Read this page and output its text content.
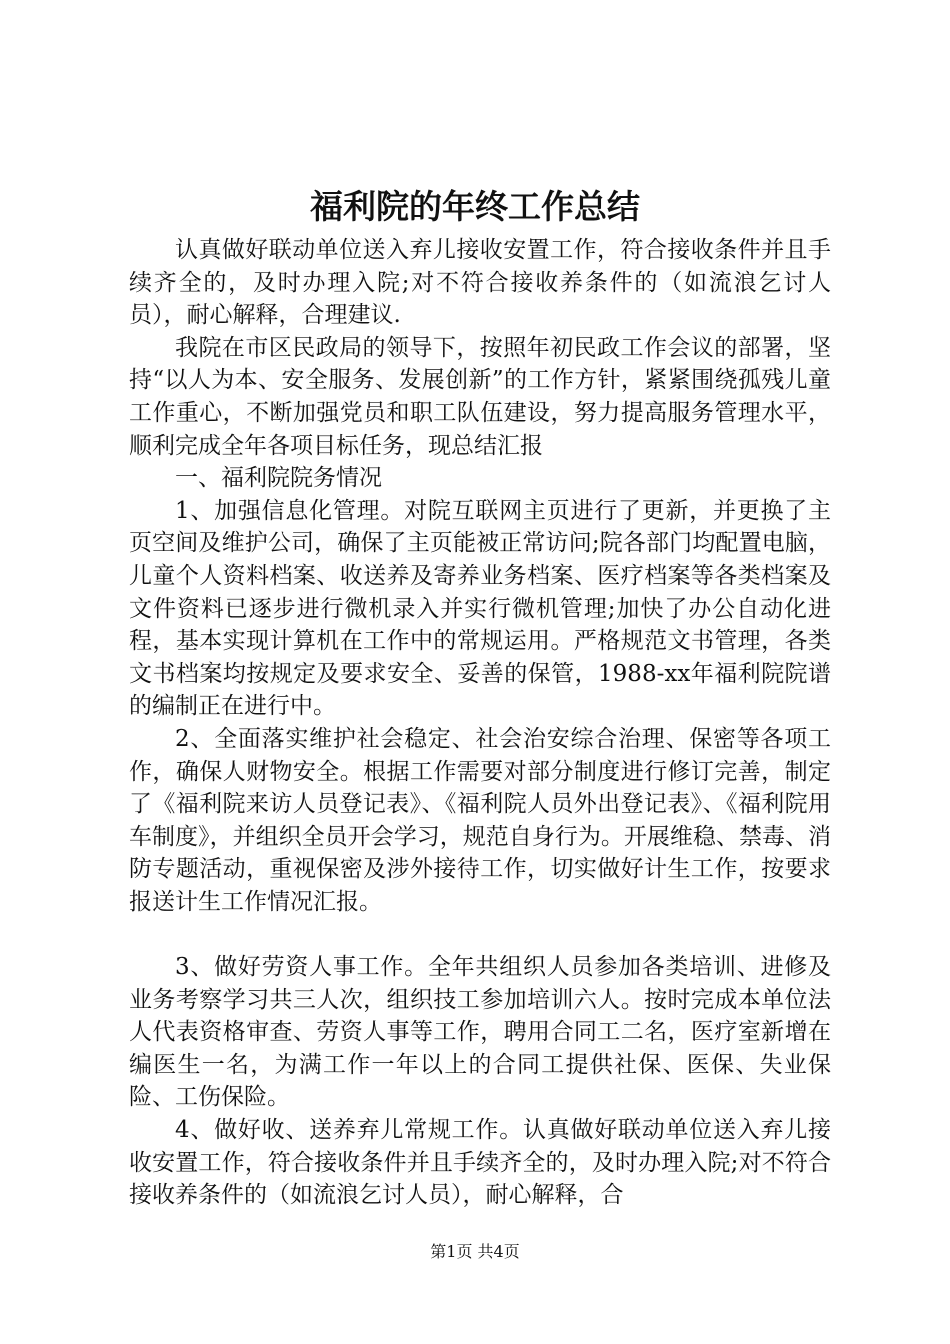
福利院的年终工作总结

认真做好联动单位送入弃儿接收安置工作，符合接收条件并且手续齐全的，及时办理入院;对不符合接收养条件的（如流浪乞讨人员），耐心解释，合理建议.

我院在市区民政局的领导下，按照年初民政工作会议的部署，坚持“以人为本、安全服务、发展创新”的工作方针，紧紧围绕孤残儿童工作重心，不断加强党员和职工队伍建设，努力提高服务管理水平，顺利完成全年各项目标任务，现总结汇报

一、福利院院务情况

1、加强信息化管理。对院互联网主页进行了更新，并更换了主页空间及维护公司，确保了主页能被正常访问;院各部门均配置电脑，儿童个人资料档案、收送养及寄养业务档案、医疗档案等各类档案及文件资料已逐步进行微机录入并实行微机管理;加快了办公自动化进程，基本实现计算机在工作中的常规运用。严格规范文书管理，各类文书档案均按规定及要求安全、妥善的保管，1988-xx年福利院院谱的编制正在进行中。

2、全面落实维护社会稳定、社会治安综合治理、保密等各项工作，确保人财物安全。根据工作需要对部分制度进行修订完善，制定了《福利院来访人员登记表》、《福利院人员外出登记表》、《福利院用车制度》，并组织全员开会学习，规范自身行为。开展维稳、禁毒、消防专题活动，重视保密及涉外接待工作，切实做好计生工作，按要求报送计生工作情况汇报。

3、做好劳资人事工作。全年共组织人员参加各类培训、进修及业务考察学习共三人次，组织技工参加培训六人。按时完成本单位法人代表资格审查、劳资人事等工作，聘用合同工二名，医疗室新增在编医生一名，为满工作一年以上的合同工提供社保、医保、失业保险、工伤保险。

4、做好收、送养弃儿常规工作。认真做好联动单位送入弃儿接收安置工作，符合接收条件并且手续齐全的，及时办理入院;对不符合接收养条件的（如流浪乞讨人员），耐心解释，合

第1页 共4页
